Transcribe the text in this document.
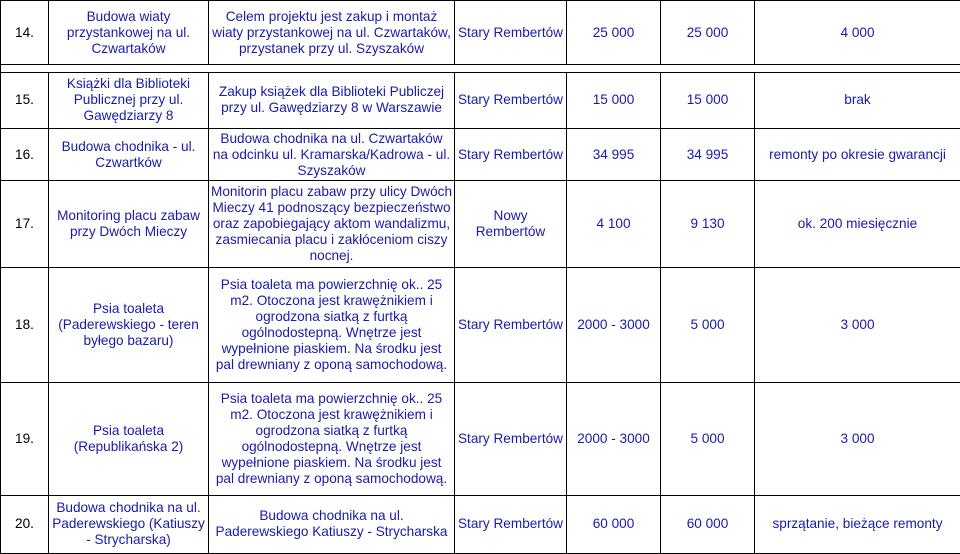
14.	Budowa wiaty przystankowej na ul. Czwartaków	Celem projektu jest zakup i montaż wiaty przystankowej na ul. Czwartaków, przystanek przy ul. Szyszaków	Stary Rembertów	25 000	25 000	4 000

15.	Książki dla Biblioteki Publicznej przy ul. Gawędziarzy 8	Zakup książek dla Biblioteki Publiczej przy ul. Gawędziarzy 8 w Warszawie	Stary Rembertów	15 000	15 000	brak
16.	Budowa chodnika - ul. Czwartków	Budowa chodnika na ul. Czwartaków na odcinku ul. Kramarska/Kadrowa - ul. Szyszaków	Stary Rembertów	34 995	34 995	remonty po okresie gwarancji
17.	Monitoring placu zabaw przy Dwóch Mieczy	Monitorin placu zabaw przy ulicy Dwóch Mieczy 41 podnoszący bezpieczeństwo oraz zapobiegający aktom wandalizmu, zasmiecania placu i zakłóceniom ciszy nocnej.	Nowy Rembertów	4 100	9 130	ok. 200 miesięcznie
18.	Psia toaleta (Paderewskiego - teren byłego bazaru)	Psia toaleta ma powierzchnię ok.. 25 m2. Otoczona jest krawężnikiem i ogrodzona siatką z furtką ogólnodostepną. Wnętrze jest wypełnione piaskiem. Na środku jest pal drewniany z oponą samochodową.	Stary Rembertów	2000 - 3000	5 000	3 000
19.	Psia toaleta (Republikańska 2)	Psia toaleta ma powierzchnię ok.. 25 m2. Otoczona jest krawężnikiem i ogrodzona siatką z furtką ogólnodostepną. Wnętrze jest wypełnione piaskiem. Na środku jest pal drewniany z oponą samochodową.	Stary Rembertów	2000 - 3000	5 000	3 000
20.	Budowa chodnika na ul. Paderewskiego (Katiuszy - Strycharska)	Budowa chodnika na ul. Paderewskiego Katiuszy - Strycharska	Stary Rembertów	60 000	60 000	sprzątanie, bieżące remonty
